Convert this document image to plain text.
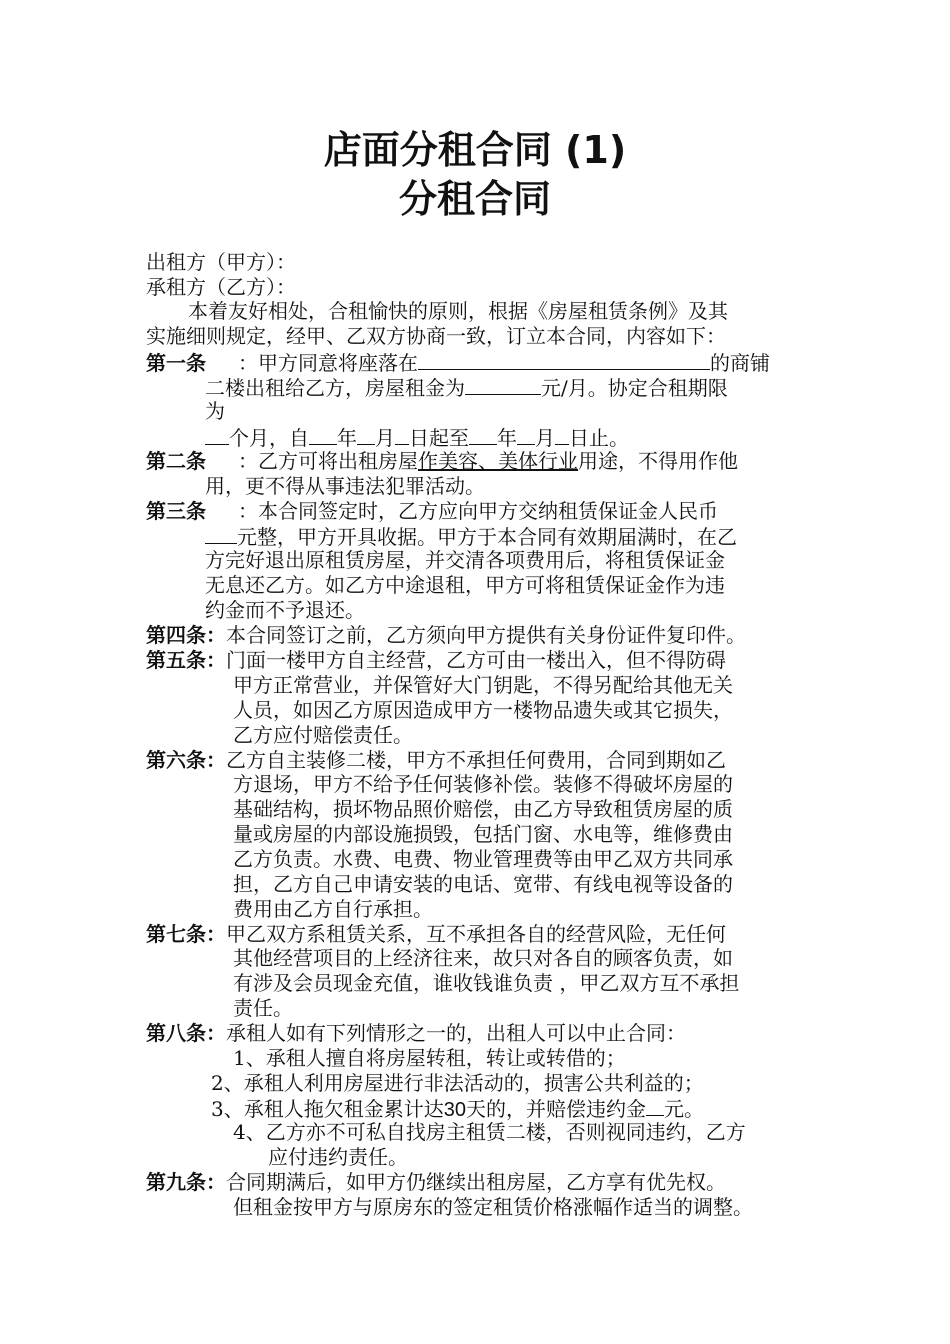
店面分租合同 (1)
分租合同
出租方（甲方）：
承租方（乙方）：
本着友好相处，合租愉快的原则，根据《房屋租赁条例》及其
实施细则规定，经甲、乙双方协商一致，订立本合同，内容如下：
第一条 ：甲方同意将座落在	的商铺
二楼出租给乙方，房屋租金为	元/月。协定合租期限
为
个月，自 年 月 日起至 年 月 日止。
第二条 ：乙方可将出租房屋作美容、美体行业用途，不得用作他
用，更不得从事违法犯罪活动。
第三条 ：本合同签定时，乙方应向甲方交纳租赁保证金人民币
元整，甲方开具收据。甲方于本合同有效期届满时，在乙
方完好退出原租赁房屋，并交清各项费用后，将租赁保证金
无息还乙方。如乙方中途退租，甲方可将租赁保证金作为违
约金而不予退还。
第四条：本合同签订之前，乙方须向甲方提供有关身份证件复印件。
第五条：门面一楼甲方自主经营，乙方可由一楼出入，但不得防碍
甲方正常营业，并保管好大门钥匙，不得另配给其他无关
人员，如因乙方原因造成甲方一楼物品遗失或其它损失，
乙方应付赔偿责任。
第六条：乙方自主装修二楼，甲方不承担任何费用，合同到期如乙
方退场，甲方不给予任何装修补偿。装修不得破坏房屋的
基础结构，损坏物品照价赔偿，由乙方导致租赁房屋的质
量或房屋的内部设施损毁，包括门窗、水电等，维修费由
乙方负责。水费、电费、物业管理费等由甲乙双方共同承
担，乙方自己申请安装的电话、宽带、有线电视等设备的
费用由乙方自行承担。
第七条：甲乙双方系租赁关系，互不承担各自的经营风险，无任何
其他经营项目的上经济往来，故只对各自的顾客负责，如
有涉及会员现金充值，谁收钱谁负责 ，甲乙双方互不承担
责任。
第八条：承租人如有下列情形之一的，出租人可以中止合同：
1、承租人擅自将房屋转租，转让或转借的；
2、承租人利用房屋进行非法活动的，损害公共利益的；
3、承租人拖欠租金累计达30天的，并赔偿违约金 元。
4、乙方亦不可私自找房主租赁二楼，否则视同违约，乙方
应付违约责任。
第九条：合同期满后，如甲方仍继续出租房屋，乙方享有优先权。
但租金按甲方与原房东的签定租赁价格涨幅作适当的调整。
